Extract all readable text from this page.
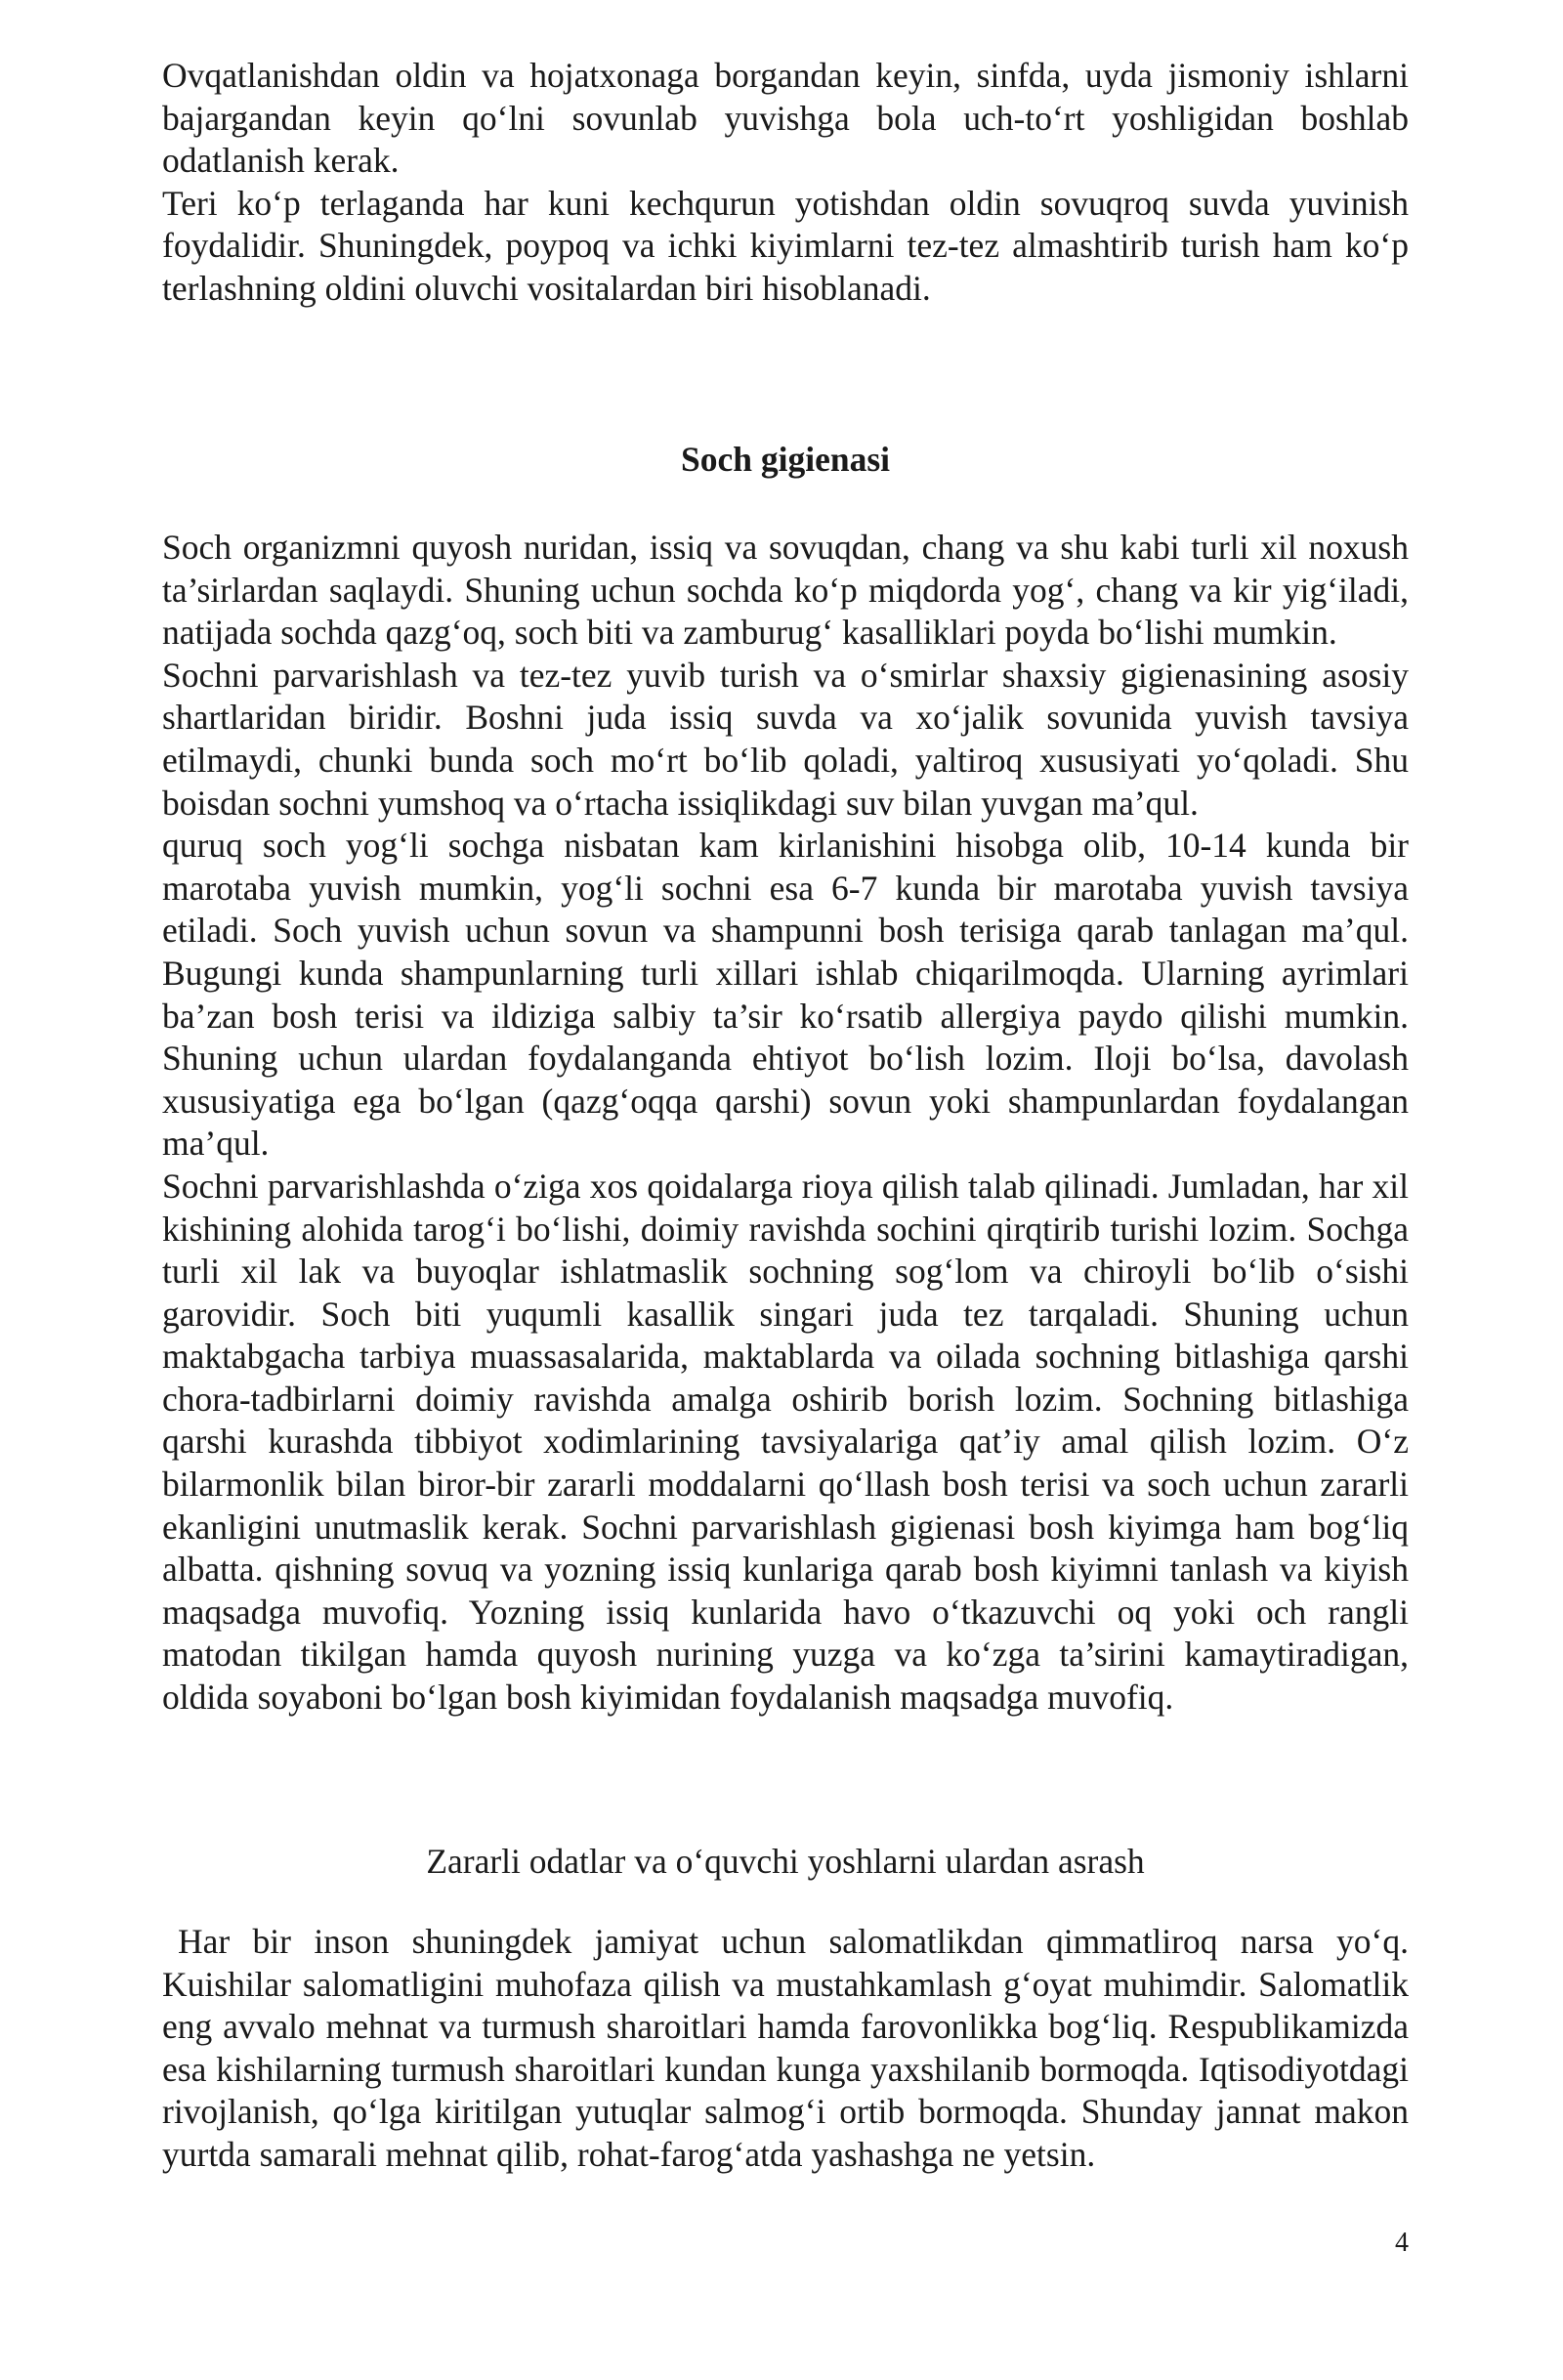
Ovqatlanishdan oldin va hojatxonaga borgandan keyin, sinfda, uyda jismoniy ishlarni bajargandan keyin qo‘lni sovunlab yuvishga bola uch-to‘rt yoshligidan boshlab odatlanish kerak.

Teri ko‘p terlaganda har kuni kechqurun yotishdan oldin sovuqroq suvda yuvinish foydalidir. Shuningdek, poypoq va ichki kiyimlarni tez-tez almashtirib turish ham ko‘p terlashning oldini oluvchi vositalardan biri hisoblanadi.

Soch gigienasi

Soch organizmni quyosh nuridan, issiq va sovuqdan, chang va shu kabi turli xil noxush ta’sirlardan saqlaydi. Shuning uchun sochda ko‘p miqdorda yog‘, chang va kir yig‘iladi, natijada sochda qazg‘oq, soch biti va zamburug‘ kasalliklari poyda bo‘lishi mumkin.

Sochni parvarishlash va tez-tez yuvib turish va o‘smirlar shaxsiy gigienasining asosiy shartlaridan biridir. Boshni juda issiq suvda va xo‘jalik sovunida yuvish tavsiya etilmaydi, chunki bunda soch mo‘rt bo‘lib qoladi, yaltiroq xususiyati yo‘qoladi. Shu boisdan sochni yumshoq va o‘rtacha issiqlikdagi suv bilan yuvgan ma’qul.

quruq soch yog‘li sochga nisbatan kam kirlanishini hisobga olib, 10-14 kunda bir marotaba yuvish mumkin, yog‘li sochni esa 6-7 kunda bir marotaba yuvish tavsiya etiladi. Soch yuvish uchun sovun va shampunni bosh terisiga qarab tanlagan ma’qul. Bugungi kunda shampunlarning turli xillari ishlab chiqarilmoqda. Ularning ayrimlari ba’zan bosh terisi va ildiziga salbiy ta’sir ko‘rsatib allergiya paydo qilishi mumkin. Shuning uchun ulardan foydalanganda ehtiyot bo‘lish lozim. Iloji bo‘lsa, davolash xususiyatiga ega bo‘lgan (qazg‘oqqa qarshi) sovun yoki shampunlardan foydalangan ma’qul.

Sochni parvarishlashda o‘ziga xos qoidalarga rioya qilish talab qilinadi. Jumladan, har xil kishining alohida tarog‘i bo‘lishi, doimiy ravishda sochini qirqtirib turishi lozim. Sochga turli xil lak va buyoqlar ishlatmaslik sochning sog‘lom va chiroyli bo‘lib o‘sishi garovidir. Soch biti yuqumli kasallik singari juda tez tarqaladi. Shuning uchun maktabgacha tarbiya muassasalarida, maktablarda va oilada sochning bitlashiga qarshi chora-tadbirlarni doimiy ravishda amalga oshirib borish lozim. Sochning bitlashiga qarshi kurashda tibbiyot xodimlarining tavsiyalariga qat’iy amal qilish lozim. O‘z bilarmonlik bilan biror-bir zararli moddalarni qo‘llash bosh terisi va soch uchun zararli ekanligini unutmaslik kerak. Sochni parvarishlash gigienasi bosh kiyimga ham bog‘liq albatta. qishning sovuq va yozning issiq kunlariga qarab bosh kiyimni tanlash va kiyish maqsadga muvofiq. Yozning issiq kunlarida havo o‘tkazuvchi oq yoki och rangli matodan tikilgan hamda quyosh nurining yuzga va ko‘zga ta’sirini kamaytiradigan, oldida soyaboni bo‘lgan bosh kiyimidan foydalanish maqsadga muvofiq.

Zararli odatlar va o‘quvchi yoshlarni ulardan asrash

Har bir inson shuningdek jamiyat uchun salomatlikdan qimmatliroq narsa yo‘q. Kuishilar salomatligini muhofaza qilish va mustahkamlash g‘oyat muhimdir. Salomatlik eng avvalo mehnat va turmush sharoitlari hamda farovonlikka bog‘liq. Respublikamizda esa kishilarning turmush sharoitlari kundan kunga yaxshilanib bormoqda. Iqtisodiyotdagi rivojlanish, qo‘lga kiritilgan yutuqlar salmog‘i ortib bormoqda. Shunday jannat makon yurtda samarali mehnat qilib, rohat-farog‘atda yashashga ne yetsin.

4
